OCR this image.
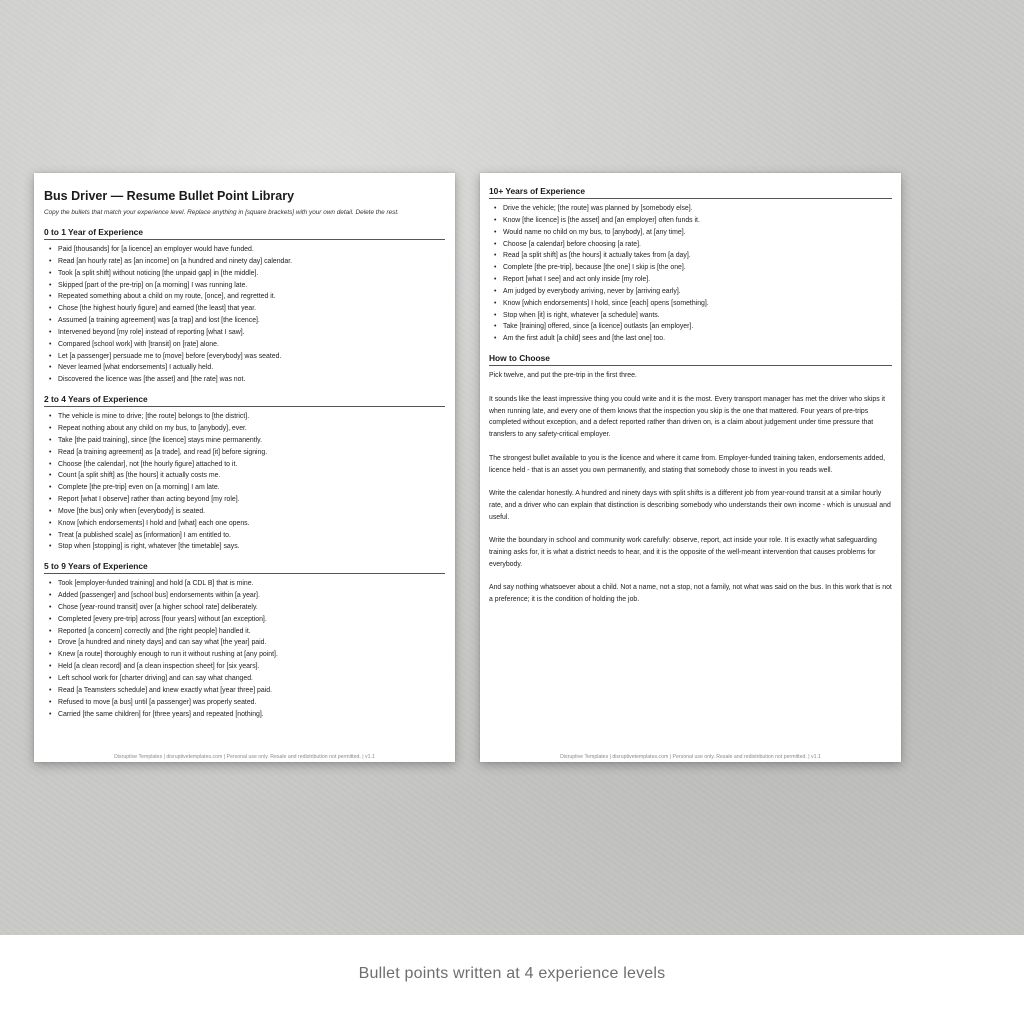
Bus Driver — Resume Bullet Point Library
Copy the bullets that match your experience level. Replace anything in [square brackets] with your own detail. Delete the rest.
0 to 1 Year of Experience
• Paid [thousands] for [a licence] an employer would have funded.
• Read [an hourly rate] as [an income] on [a hundred and ninety day] calendar.
• Took [a split shift] without noticing [the unpaid gap] in [the middle].
• Skipped [part of the pre-trip] on [a morning] I was running late.
• Repeated something about a child on my route, [once], and regretted it.
• Chose [the highest hourly figure] and earned [the least] that year.
• Assumed [a training agreement] was [a trap] and lost [the licence].
• Intervened beyond [my role] instead of reporting [what I saw].
• Compared [school work] with [transit] on [rate] alone.
• Let [a passenger] persuade me to [move] before [everybody] was seated.
• Never learned [what endorsements] I actually held.
• Discovered the licence was [the asset] and [the rate] was not.
2 to 4 Years of Experience
• The vehicle is mine to drive; [the route] belongs to [the district].
• Repeat nothing about any child on my bus, to [anybody], ever.
• Take [the paid training], since [the licence] stays mine permanently.
• Read [a training agreement] as [a trade], and read [it] before signing.
• Choose [the calendar], not [the hourly figure] attached to it.
• Count [a split shift] as [the hours] it actually costs me.
• Complete [the pre-trip] even on [a morning] I am late.
• Report [what I observe] rather than acting beyond [my role].
• Move [the bus] only when [everybody] is seated.
• Know [which endorsements] I hold and [what] each one opens.
• Treat [a published scale] as [information] I am entitled to.
• Stop when [stopping] is right, whatever [the timetable] says.
5 to 9 Years of Experience
• Took [employer-funded training] and hold [a CDL B] that is mine.
• Added [passenger] and [school bus] endorsements within [a year].
• Chose [year-round transit] over [a higher school rate] deliberately.
• Completed [every pre-trip] across [four years] without [an exception].
• Reported [a concern] correctly and [the right people] handled it.
• Drove [a hundred and ninety days] and can say what [the year] paid.
• Knew [a route] thoroughly enough to run it without rushing at [any point].
• Held [a clean record] and [a clean inspection sheet] for [six years].
• Left school work for [charter driving] and can say what changed.
• Read [a Teamsters schedule] and knew exactly what [year three] paid.
• Refused to move [a bus] until [a passenger] was properly seated.
• Carried [the same children] for [three years] and repeated [nothing].
Disruptive Templates | disruptivetemplates.com | Personal use only. Resale and redistribution not permitted. | v1.1
10+ Years of Experience
• Drive the vehicle; [the route] was planned by [somebody else].
• Know [the licence] is [the asset] and [an employer] often funds it.
• Would name no child on my bus, to [anybody], at [any time].
• Choose [a calendar] before choosing [a rate].
• Read [a split shift] as [the hours] it actually takes from [a day].
• Complete [the pre-trip], because [the one] I skip is [the one].
• Report [what I see] and act only inside [my role].
• Am judged by everybody arriving, never by [arriving early].
• Know [which endorsements] I hold, since [each] opens [something].
• Stop when [it] is right, whatever [a schedule] wants.
• Take [training] offered, since [a licence] outlasts [an employer].
• Am the first adult [a child] sees and [the last one] too.
How to Choose

Pick twelve, and put the pre-trip in the first three.

It sounds like the least impressive thing you could write and it is the most. Every transport manager has met the driver who skips it when running late, and every one of them knows that the inspection you skip is the one that mattered. Four years of pre-trips completed without exception, and a defect reported rather than driven on, is a claim about judgement under time pressure that transfers to any safety-critical employer.

The strongest bullet available to you is the licence and where it came from. Employer-funded training taken, endorsements added, licence held - that is an asset you own permanently, and stating that somebody chose to invest in you reads well.

Write the calendar honestly. A hundred and ninety days with split shifts is a different job from year-round transit at a similar hourly rate, and a driver who can explain that distinction is describing somebody who understands their own income - which is unusual and useful.

Write the boundary in school and community work carefully: observe, report, act inside your role. It is exactly what safeguarding training asks for, it is what a district needs to hear, and it is the opposite of the well-meant intervention that causes problems for everybody.

And say nothing whatsoever about a child. Not a name, not a stop, not a family, not what was said on the bus. In this work that is not a preference; it is the condition of holding the job.

Disruptive Templates | disruptivetemplates.com | Personal use only. Resale and redistribution not permitted. | v1.1
Bullet points written at 4 experience levels
